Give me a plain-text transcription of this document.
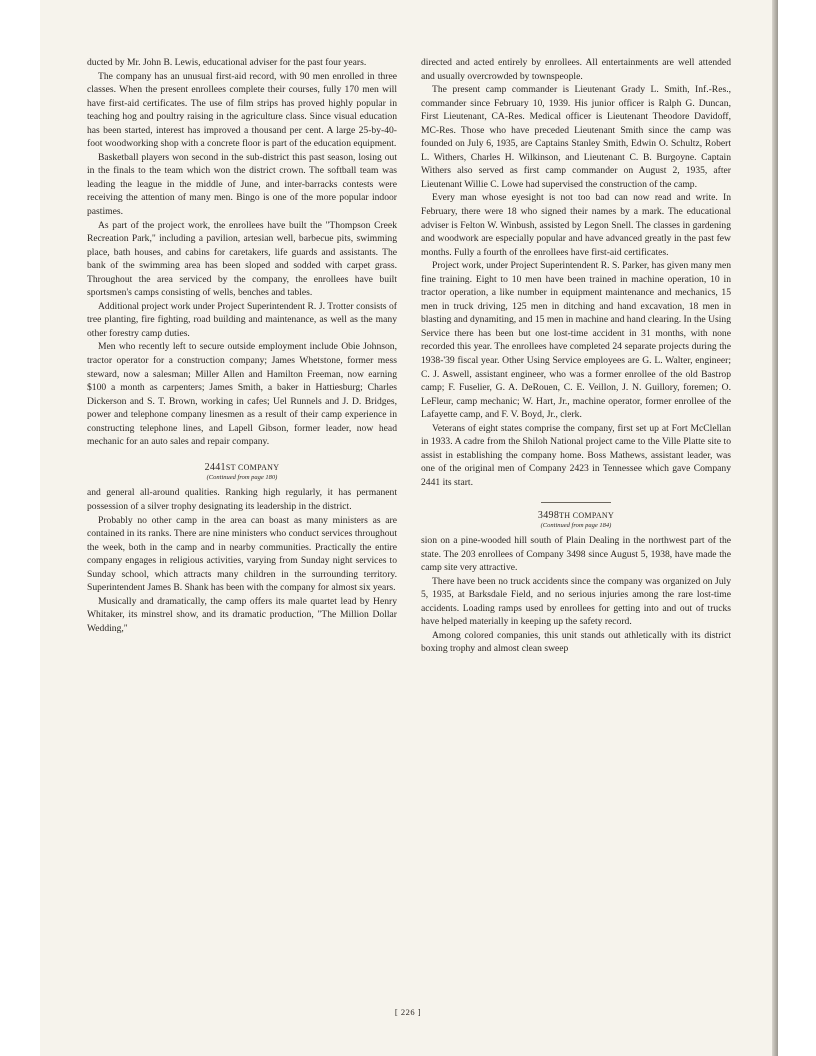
ducted by Mr. John B. Lewis, educational adviser for the past four years.

The company has an unusual first-aid record, with 90 men enrolled in three classes. When the present enrollees complete their courses, fully 170 men will have first-aid certificates. The use of film strips has proved highly popular in teaching hog and poultry raising in the agriculture class. Since visual education has been started, interest has improved a thousand per cent. A large 25-by-40-foot woodworking shop with a concrete floor is part of the education equipment.

Basketball players won second in the sub-district this past season, losing out in the finals to the team which won the district crown. The softball team was leading the league in the middle of June, and inter-barracks contests were receiving the attention of many men. Bingo is one of the more popular indoor pastimes.

As part of the project work, the enrollees have built the "Thompson Creek Recreation Park," including a pavilion, artesian well, barbecue pits, swimming place, bath houses, and cabins for caretakers, life guards and assistants. The bank of the swimming area has been sloped and sodded with carpet grass. Throughout the area serviced by the company, the enrollees have built sportsmen's camps consisting of wells, benches and tables.

Additional project work under Project Superintendent R. J. Trotter consists of tree planting, fire fighting, road building and maintenance, as well as the many other forestry camp duties.

Men who recently left to secure outside employment include Obie Johnson, tractor operator for a construction company; James Whetstone, former mess steward, now a salesman; Miller Allen and Hamilton Freeman, now earning $100 a month as carpenters; James Smith, a baker in Hattiesburg; Charles Dickerson and S. T. Brown, working in cafes; Uel Runnels and J. D. Bridges, power and telephone company linesmen as a result of their camp experience in constructing telephone lines, and Lapell Gibson, former leader, now head mechanic for an auto sales and repair company.

2441ST COMPANY
(Continued from page 180)

and general all-around qualities. Ranking high regularly, it has permanent possession of a silver trophy designating its leadership in the district.

Probably no other camp in the area can boast as many ministers as are contained in its ranks. There are nine ministers who conduct services throughout the week, both in the camp and in nearby communities. Practically the entire company engages in religious activities, varying from Sunday night services to Sunday school, which attracts many children in the surrounding territory. Superintendent James B. Shank has been with the company for almost six years.

Musically and dramatically, the camp offers its male quartet lead by Henry Whitaker, its minstrel show, and its dramatic production, "The Million Dollar Wedding,"

directed and acted entirely by enrollees. All entertainments are well attended and usually overcrowded by townspeople.

The present camp commander is Lieutenant Grady L. Smith, Inf.-Res., commander since February 10, 1939. His junior officer is Ralph G. Duncan, First Lieutenant, CA-Res. Medical officer is Lieutenant Theodore Davidoff, MC-Res. Those who have preceded Lieutenant Smith since the camp was founded on July 6, 1935, are Captains Stanley Smith, Edwin O. Schultz, Robert L. Withers, Charles H. Wilkinson, and Lieutenant C. B. Burgoyne. Captain Withers also served as first camp commander on August 2, 1935, after Lieutenant Willie C. Lowe had supervised the construction of the camp.

Every man whose eyesight is not too bad can now read and write. In February, there were 18 who signed their names by a mark. The educational adviser is Felton W. Winbush, assisted by Legon Snell. The classes in gardening and woodwork are especially popular and have advanced greatly in the past few months. Fully a fourth of the enrollees have first-aid certificates.

Project work, under Project Superintendent R. S. Parker, has given many men fine training. Eight to 10 men have been trained in machine operation, 10 in tractor operation, a like number in equipment maintenance and mechanics, 15 men in truck driving, 125 men in ditching and hand excavation, 18 men in blasting and dynamiting, and 15 men in machine and hand clearing. In the Using Service there has been but one lost-time accident in 31 months, with none recorded this year. The enrollees have completed 24 separate projects during the 1938-'39 fiscal year. Other Using Service employees are G. L. Walter, engineer; C. J. Aswell, assistant engineer, who was a former enrollee of the old Bastrop camp; F. Fuselier, G. A. DeRouen, C. E. Veillon, J. N. Guillory, foremen; O. LeFleur, camp mechanic; W. Hart, Jr., machine operator, former enrollee of the Lafayette camp, and F. V. Boyd, Jr., clerk.

Veterans of eight states comprise the company, first set up at Fort McClellan in 1933. A cadre from the Shiloh National project came to the Ville Platte site to assist in establishing the company home. Boss Mathews, assistant leader, was one of the original men of Company 2423 in Tennessee which gave Company 2441 its start.

3498TH COMPANY
(Continued from page 184)

sion on a pine-wooded hill south of Plain Dealing in the northwest part of the state. The 203 enrollees of Company 3498 since August 5, 1938, have made the camp site very attractive.

There have been no truck accidents since the company was organized on July 5, 1935, at Barksdale Field, and no serious injuries among the rare lost-time accidents. Loading ramps used by enrollees for getting into and out of trucks have helped materially in keeping up the safety record.

Among colored companies, this unit stands out athletically with its district boxing trophy and almost clean sweep

[ 226 ]
